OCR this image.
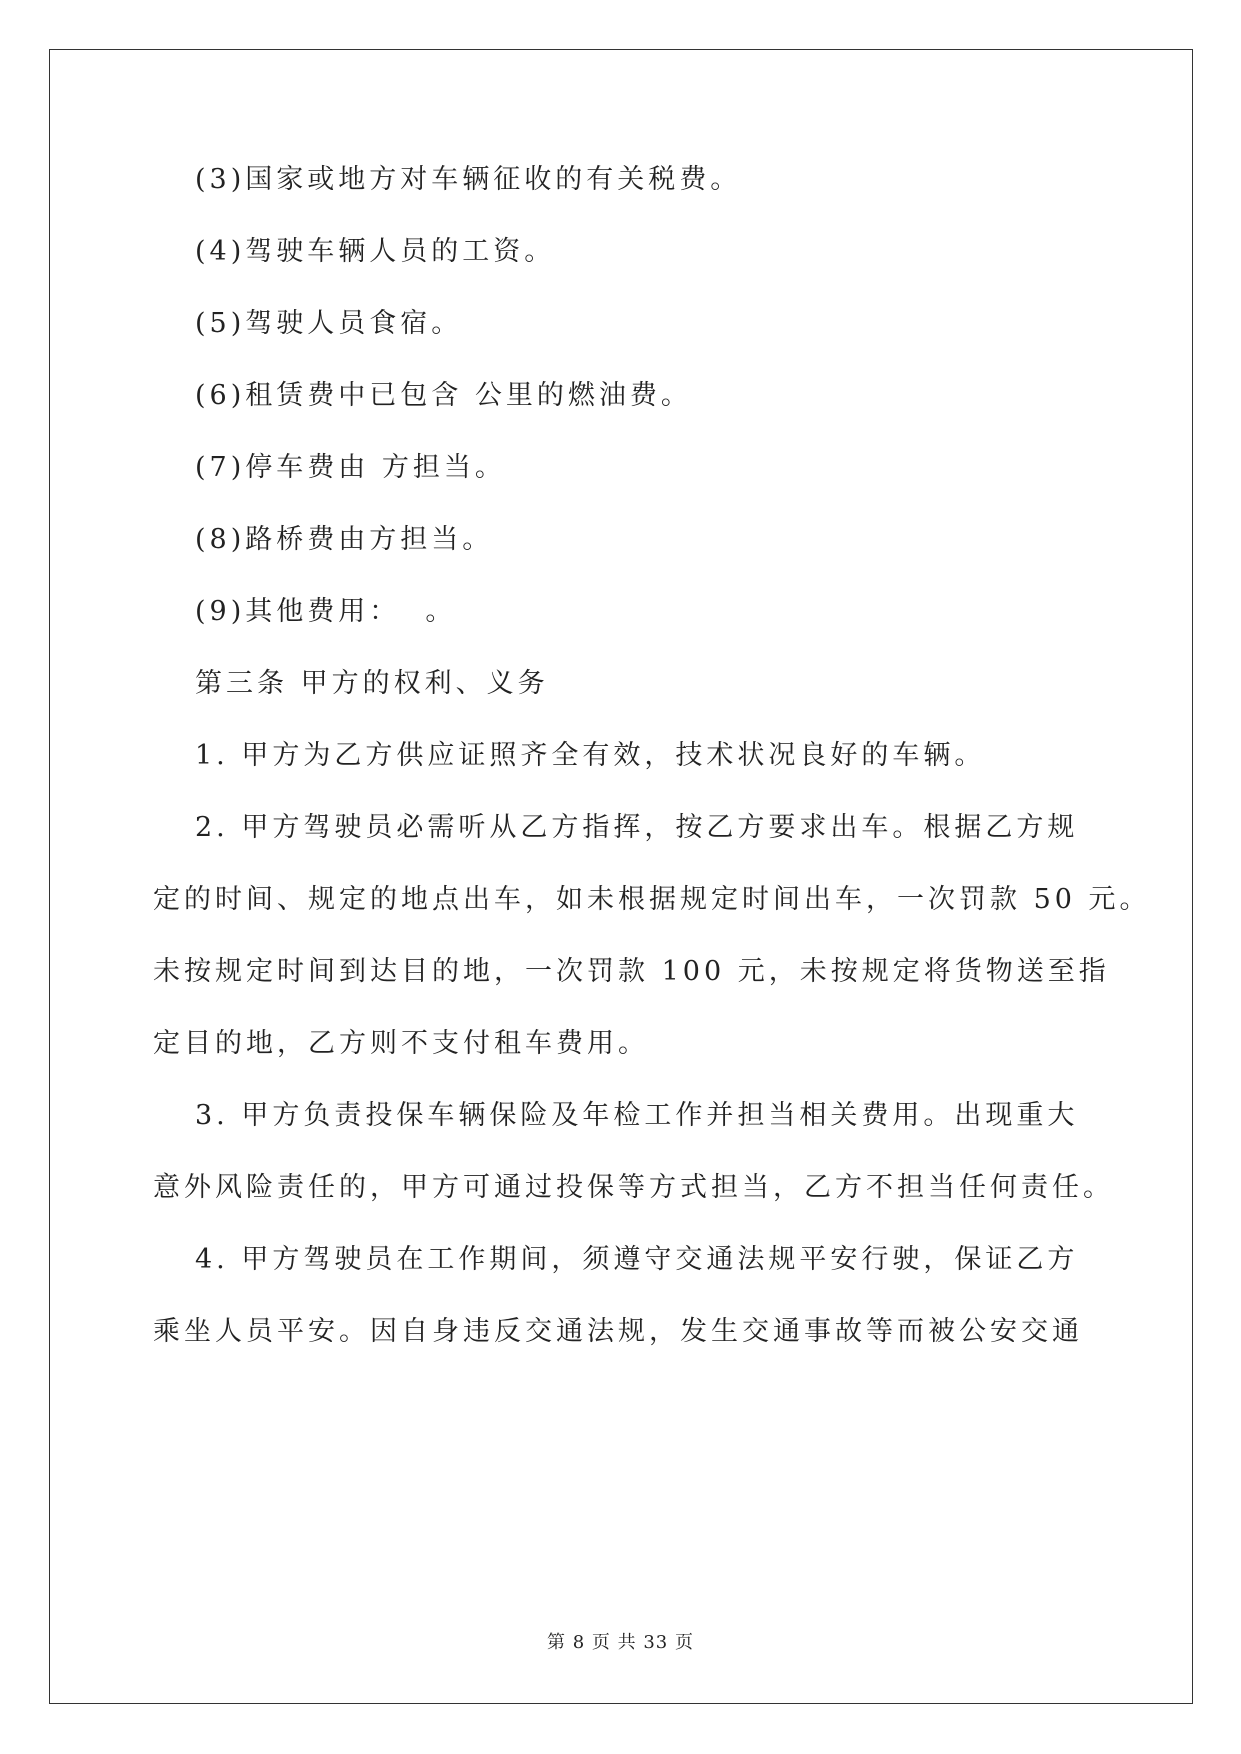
(3)国家或地方对车辆征收的有关税费。
(4)驾驶车辆人员的工资。
(5)驾驶人员食宿。
(6)租赁费中已包含 公里的燃油费。
(7)停车费由 方担当。
(8)路桥费由方担当。
(9)其他费用：  。
第三条 甲方的权利、义务
1. 甲方为乙方供应证照齐全有效，技术状况良好的车辆。
2. 甲方驾驶员必需听从乙方指挥，按乙方要求出车。根据乙方规
定的时间、规定的地点出车，如未根据规定时间出车，一次罚款 50 元。
未按规定时间到达目的地，一次罚款 100 元，未按规定将货物送至指
定目的地，乙方则不支付租车费用。
3. 甲方负责投保车辆保险及年检工作并担当相关费用。出现重大
意外风险责任的，甲方可通过投保等方式担当，乙方不担当任何责任。
4. 甲方驾驶员在工作期间，须遵守交通法规平安行驶，保证乙方
乘坐人员平安。因自身违反交通法规，发生交通事故等而被公安交通
第 8 页 共 33 页
